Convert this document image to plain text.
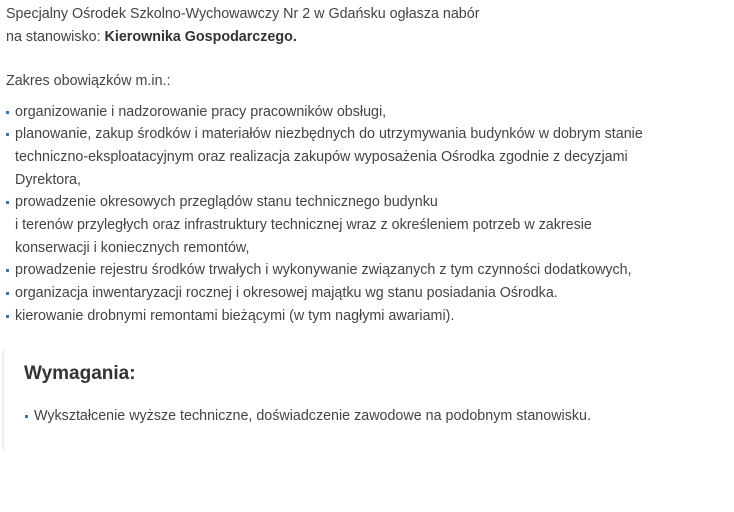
Specjalny Ośrodek Szkolno-Wychowawczy Nr 2 w Gdańsku ogłasza nabór
na stanowisko: Kierownika Gospodarczego.

Zakres obowiązków m.in.:

organizowanie i nadzorowanie pracy pracowników obsługi,
planowanie, zakup środków i materiałów niezbędnych do utrzymywania budynków w dobrym stanie
techniczno-eksploatacyjnym oraz realizacja zakupów wyposażenia Ośrodka zgodnie z decyzjami
Dyrektora,
prowadzenie okresowych przeglądów stanu technicznego budynku
i terenów przyległych oraz infrastruktury technicznej wraz z określeniem potrzeb w zakresie
konserwacji i koniecznych remontów,
prowadzenie rejestru środków trwałych i wykonywanie związanych z tym czynności dodatkowych,
organizacja inwentaryzacji rocznej i okresowej majątku wg stanu posiadania Ośrodka.
kierowanie drobnymi remontami bieżącymi (w tym nagłymi awariami).
Wymagania:
Wykształcenie wyższe techniczne, doświadczenie zawodowe na podobnym stanowisku.
